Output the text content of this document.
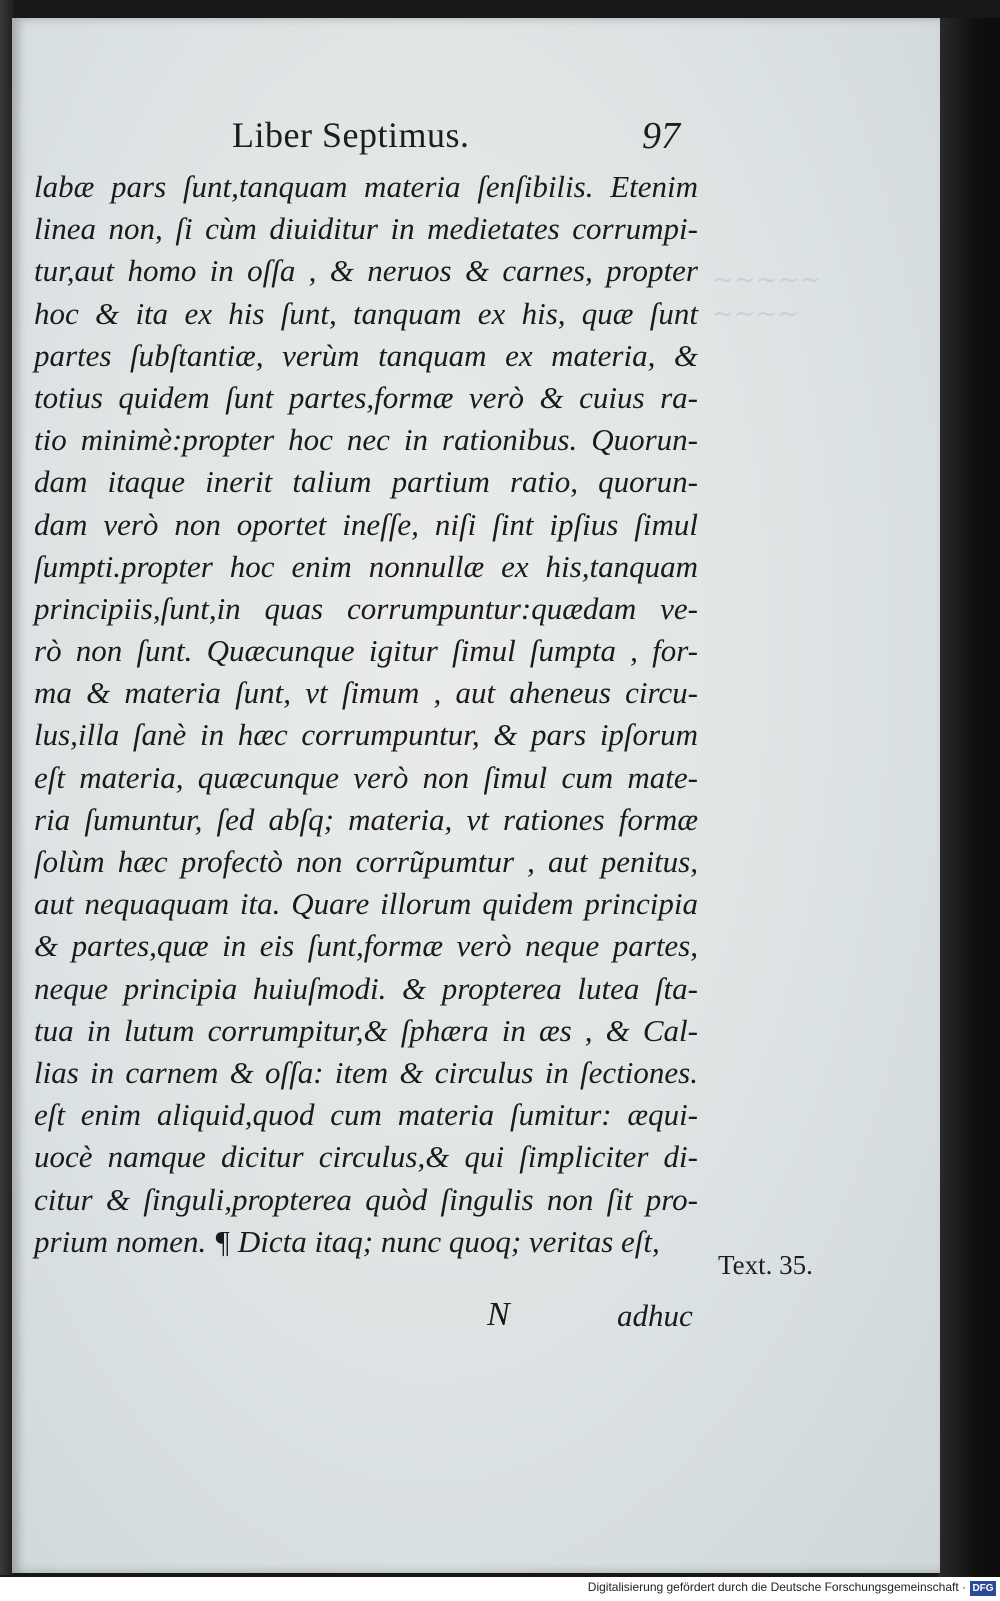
~~~~~
~~~~
Liber Septimus.	97
labæ pars ſunt,tanquam materia ſenſibilis. Etenim
linea non, ſi cùm diuiditur in medietates corrumpi-
tur,aut homo in oſſa , & neruos & carnes, propter
hoc & ita ex his ſunt, tanquam ex his, quæ ſunt
partes ſubſtantiæ, verùm tanquam ex materia, &
totius quidem ſunt partes,formæ verò & cuius ra-
tio minimè:propter hoc nec in rationibus. Quorun-
dam itaque inerit talium partium ratio, quorun-
dam verò non oportet ineſſe, niſi ſint ipſius ſimul
ſumpti.propter hoc enim nonnullæ ex his,tanquam
principiis,ſunt,in quas corrumpuntur:quædam ve-
rò non ſunt. Quæcunque igitur ſimul ſumpta , for-
ma & materia ſunt, vt ſimum , aut aheneus circu-
lus,illa ſanè in hæc corrumpuntur, & pars ipſorum
eſt materia, quæcunque verò non ſimul cum mate-
ria ſumuntur, ſed abſq; materia, vt rationes formæ
ſolùm hæc profectò non corrũpumtur , aut penitus,
aut nequaquam ita. Quare illorum quidem principia
& partes,quæ in eis ſunt,formæ verò neque partes,
neque principia huiuſmodi. & propterea lutea ſta-
tua in lutum corrumpitur,& ſphæra in æs , & Cal-
lias in carnem & oſſa: item & circulus in ſectiones.
eſt enim aliquid,quod cum materia ſumitur: æqui-
uocè namque dicitur circulus,& qui ſimpliciter di-
citur & ſinguli,propterea quòd ſingulis non ſit pro-
prium nomen. ¶ Dicta itaq; nunc quoq; veritas eſt,
Text. 35.
N	adhuc
Digitalisierung gefördert durch die Deutsche Forschungsgemeinschaft · DFG
